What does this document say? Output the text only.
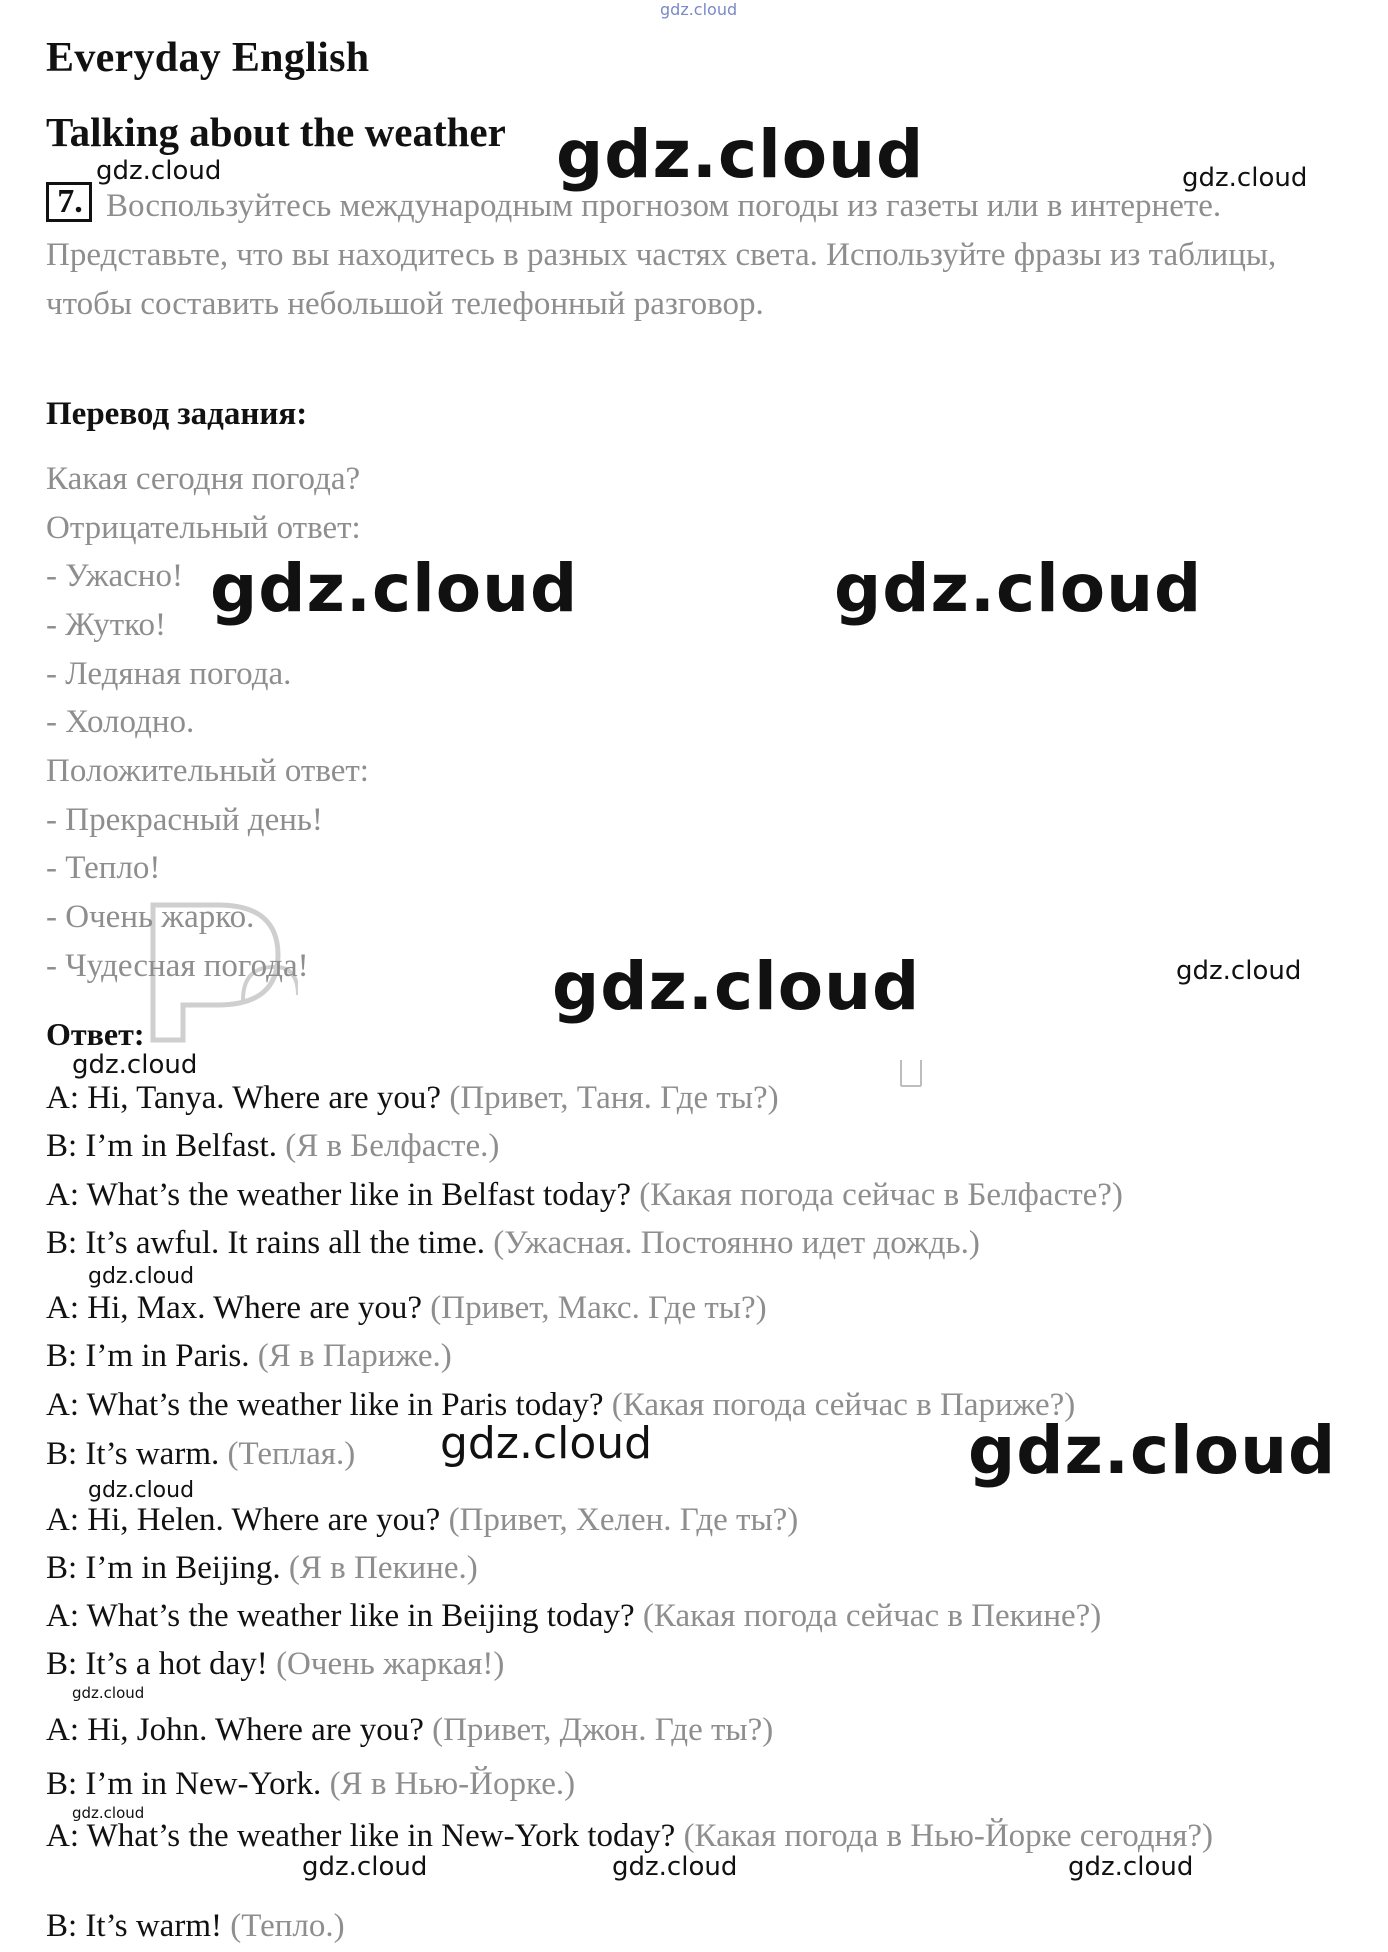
gdz.cloud
gdz.cloud
gdz.cloud	gdz.cloud
gdz.cloud	gdz.cloud
gdz.cloud	gdz.cloud
gdz.cloud
gdz.cloud
gdz.cloud	gdz.cloud
gdz.cloud
gdz.cloud
gdz.cloud
gdz.cloud	gdz.cloud	gdz.cloud
Everyday English
Talking about the weather
7. Воспользуйтесь международным прогнозом погоды из газеты или в интернете. Представьте, что вы находитесь в разных частях света. Используйте фразы из таблицы, чтобы составить небольшой телефонный разговор.
Перевод задания:
Какая сегодня погода?
Отрицательный ответ:
- Ужасно!
- Жутко!
- Ледяная погода.
- Холодно.
Положительный ответ:
- Прекрасный день!
- Тепло!
- Очень жарко.
- Чудесная погода!
Ответ:
A: Hi, Tanya. Where are you? (Привет, Таня. Где ты?)
B: I’m in Belfast. (Я в Белфасте.)
A: What’s the weather like in Belfast today? (Какая погода сейчас в Белфасте?)
B: It’s awful. It rains all the time. (Ужасная. Постоянно идет дождь.)
A: Hi, Max. Where are you? (Привет, Макс. Где ты?)
B: I’m in Paris. (Я в Париже.)
A: What’s the weather like in Paris today? (Какая погода сейчас в Париже?)
B: It’s warm. (Теплая.)
A: Hi, Helen. Where are you? (Привет, Хелен. Где ты?)
B: I’m in Beijing. (Я в Пекине.)
A: What’s the weather like in Beijing today? (Какая погода сейчас в Пекине?)
B: It’s a hot day! (Очень жаркая!)
A: Hi, John. Where are you? (Привет, Джон. Где ты?)
B: I’m in New-York. (Я в Нью-Йорке.)
A: What’s the weather like in New-York today? (Какая погода в Нью-Йорке сегодня?)
B: It’s warm! (Тепло.)
